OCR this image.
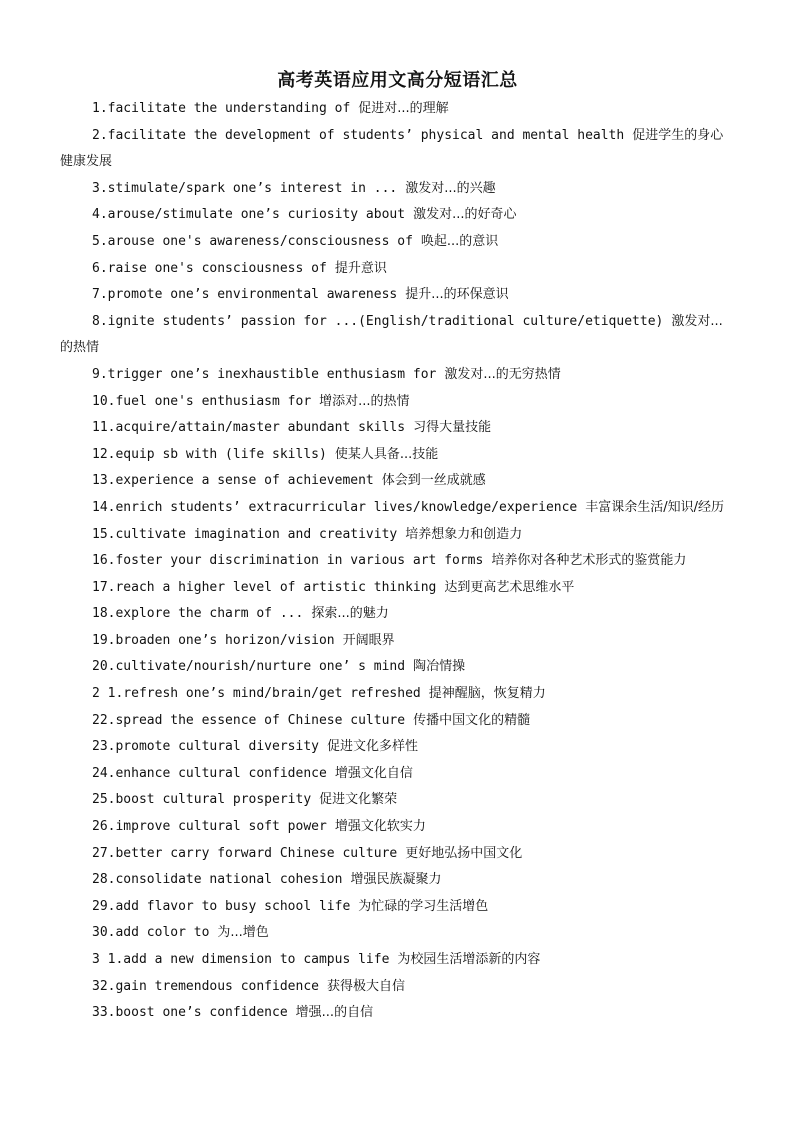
高考英语应用文高分短语汇总
1.facilitate the understanding of 促进对...的理解
2.facilitate the development of students’ physical and mental health 促进学生的身心健康发展
3.stimulate/spark one’s interest in ... 激发对...的兴趣
4.arouse/stimulate one’s curiosity about 激发对...的好奇心
5.arouse one's awareness/consciousness of 唤起...的意识
6.raise one's consciousness of 提升意识
7.promote one’s environmental awareness 提升...的环保意识
8.ignite students’ passion for ...(English/traditional culture/etiquette) 激发对...的热情
9.trigger one’s inexhaustible enthusiasm for 激发对...的无穷热情
10.fuel one's enthusiasm for 增添对...的热情
11.acquire/attain/master abundant skills 习得大量技能
12.equip sb with (life skills) 使某人具备...技能
13.experience a sense of achievement 体会到一丝成就感
14.enrich students’ extracurricular lives/knowledge/experience 丰富课余生活/知识/经历
15.cultivate imagination and creativity 培养想象力和创造力
16.foster your discrimination in various art forms 培养你对各种艺术形式的鉴赏能力
17.reach a higher level of artistic thinking 达到更高艺术思维水平
18.explore the charm of ... 探索...的魅力
19.broaden one’s horizon/vision 开阔眼界
20.cultivate/nourish/nurture one’ s mind 陶冶情操
2 1.refresh one’s mind/brain/get refreshed 提神醒脑，恢复精力
22.spread the essence of Chinese culture 传播中国文化的精髓
23.promote cultural diversity 促进文化多样性
24.enhance cultural confidence 增强文化自信
25.boost cultural prosperity 促进文化繁荣
26.improve cultural soft power 增强文化软实力
27.better carry forward Chinese culture 更好地弘扬中国文化
28.consolidate national cohesion 增强民族凝聚力
29.add flavor to busy school life 为忙碌的学习生活增色
30.add color to 为...增色
3 1.add a new dimension to campus life 为校园生活增添新的内容
32.gain tremendous confidence 获得极大自信
33.boost one’s confidence 增强...的自信
